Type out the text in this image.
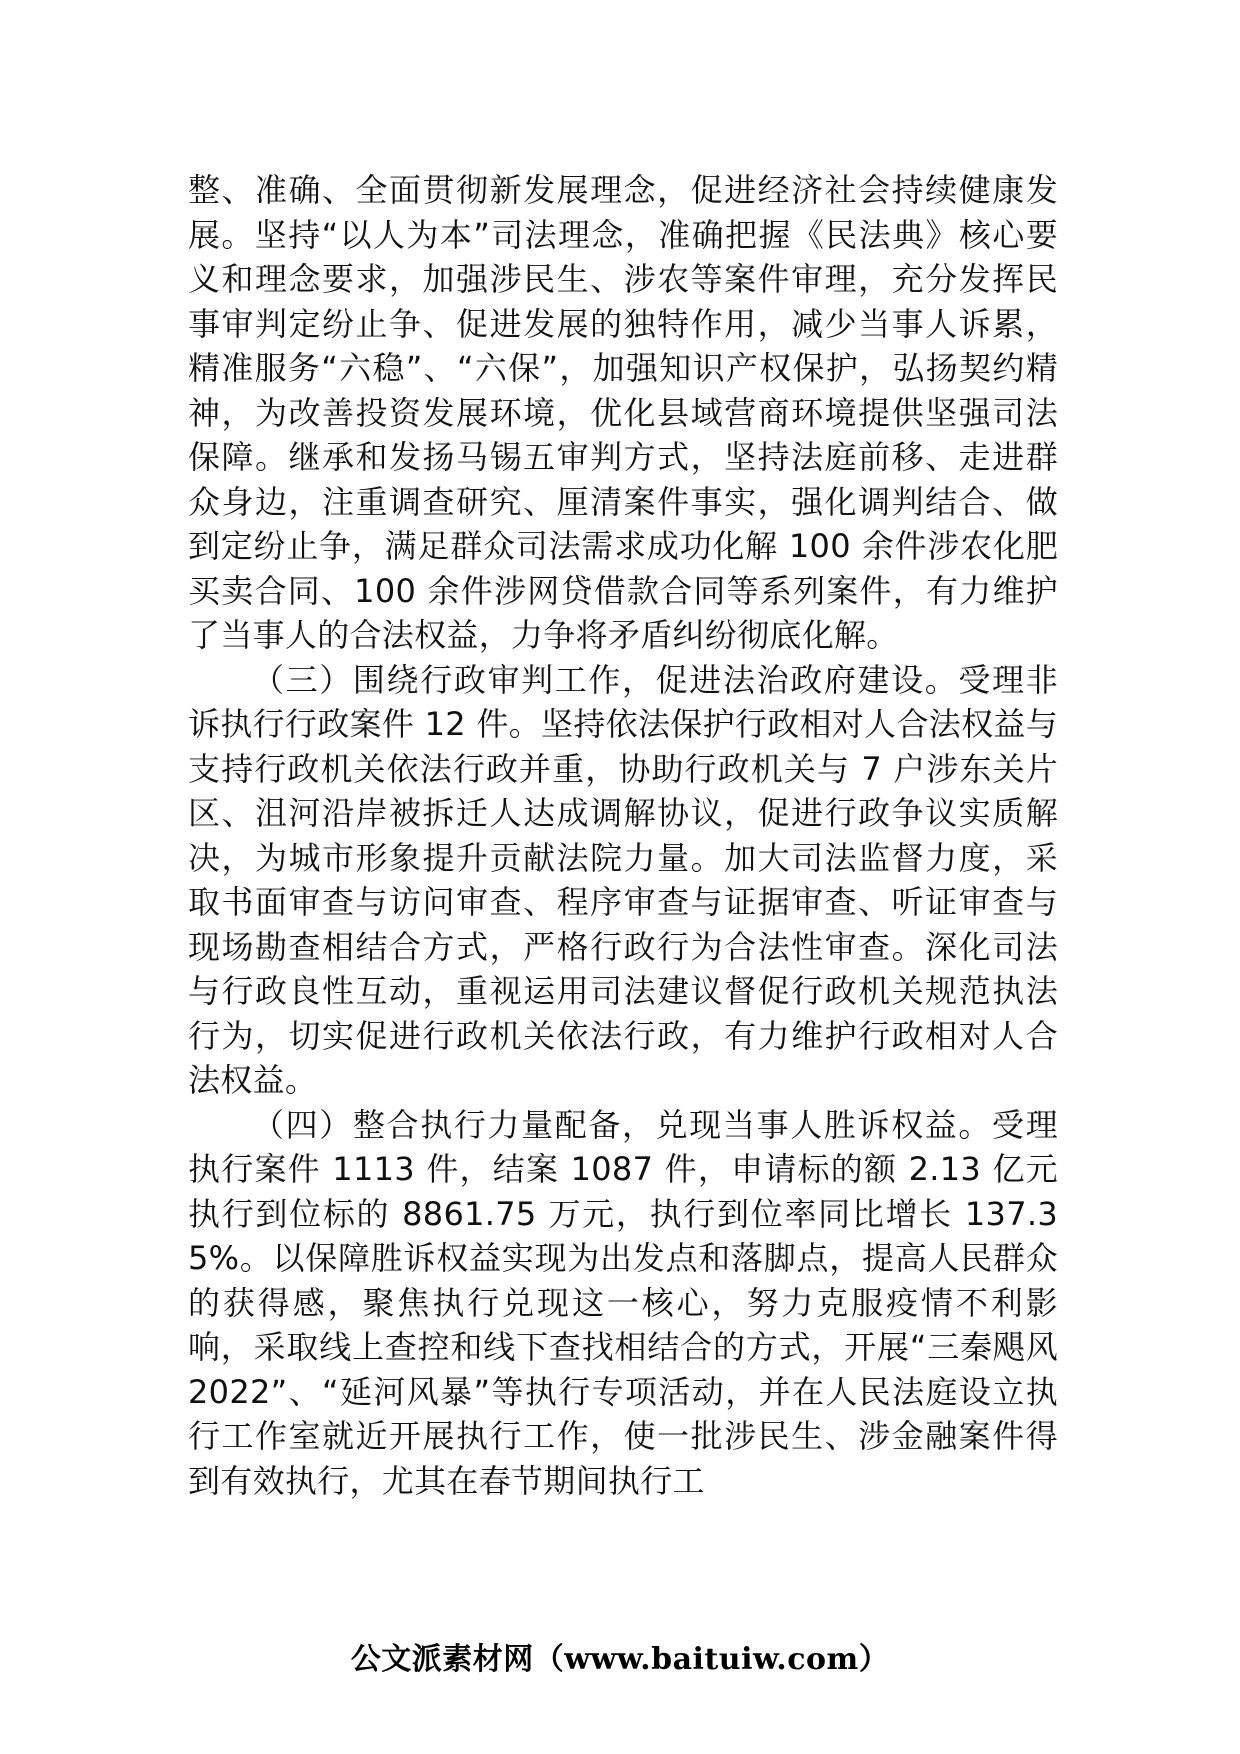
整、准确、全面贯彻新发展理念，促进经济社会持续健康发展。坚持“以人为本”司法理念，准确把握《民法典》核心要义和理念要求，加强涉民生、涉农等案件审理，充分发挥民事审判定纷止争、促进发展的独特作用，减少当事人诉累，精准服务“六稳”、“六保”，加强知识产权保护，弘扬契约精神，为改善投资发展环境，优化县域营商环境提供坚强司法保障。继承和发扬马锡五审判方式，坚持法庭前移、走进群众身边，注重调查研究、厘清案件事实，强化调判结合、做到定纷止争，满足群众司法需求成功化解 100 余件涉农化肥买卖合同、100 余件涉网贷借款合同等系列案件，有力维护了当事人的合法权益，力争将矛盾纠纷彻底化解。

（三）围绕行政审判工作，促进法治政府建设。受理非诉执行行政案件 12 件。坚持依法保护行政相对人合法权益与支持行政机关依法行政并重，协助行政机关与 7 户涉东关片区、沮河沿岸被拆迁人达成调解协议，促进行政争议实质解决，为城市形象提升贡献法院力量。加大司法监督力度，采取书面审查与访问审查、程序审查与证据审查、听证审查与现场勘查相结合方式，严格行政行为合法性审查。深化司法与行政良性互动，重视运用司法建议督促行政机关规范执法行为，切实促进行政机关依法行政，有力维护行政相对人合法权益。

（四）整合执行力量配备，兑现当事人胜诉权益。受理执行案件 1113 件，结案 1087 件，申请标的额 2.13 亿元执行到位标的 8861.75 万元，执行到位率同比增长 137.35%。以保障胜诉权益实现为出发点和落脚点，提高人民群众的获得感，聚焦执行兑现这一核心，努力克服疫情不利影响，采取线上查控和线下查找相结合的方式，开展“三秦飓风 2022”、“延河风暴”等执行专项活动，并在人民法庭设立执行工作室就近开展执行工作，使一批涉民生、涉金融案件得到有效执行，尤其在春节期间执行工

公文派素材网（www.baituiw.com）
